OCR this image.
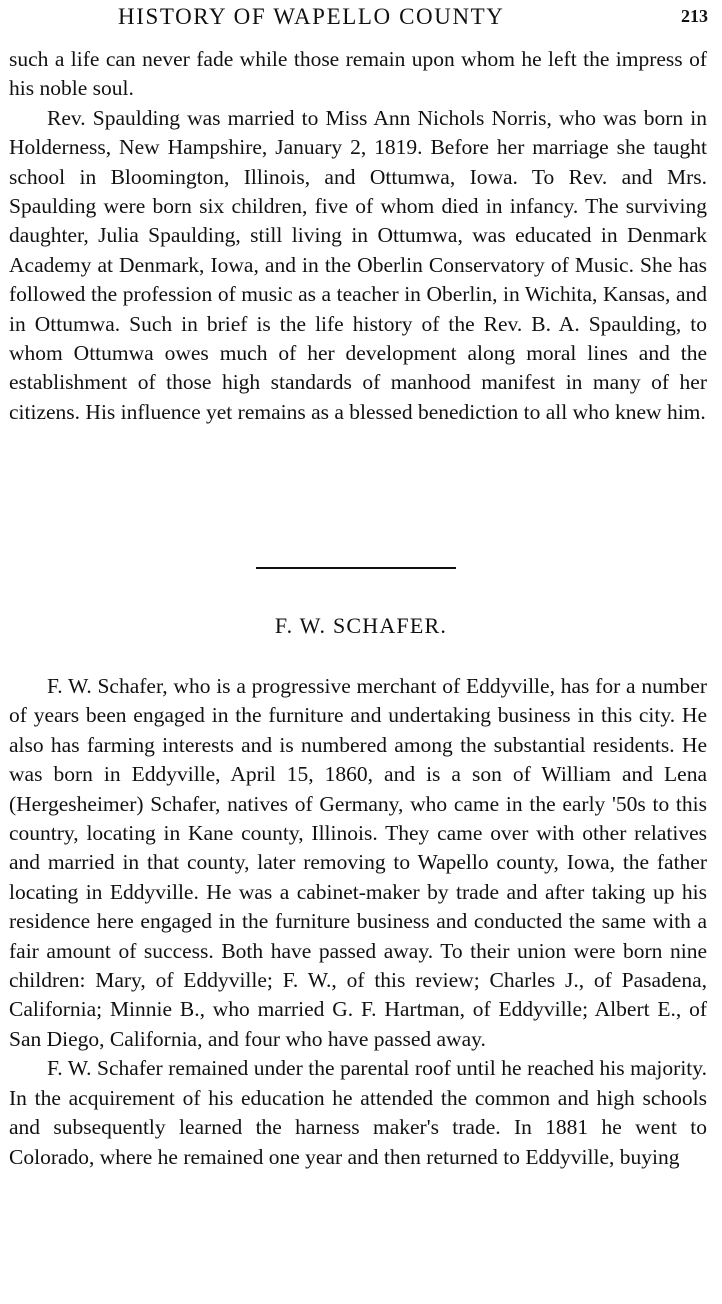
HISTORY OF WAPELLO COUNTY	213

such a life can never fade while those remain upon whom he left the impress of his noble soul.

Rev. Spaulding was married to Miss Ann Nichols Norris, who was born in Holderness, New Hampshire, January 2, 1819. Before her marriage she taught school in Bloomington, Illinois, and Ottumwa, Iowa. To Rev. and Mrs. Spaulding were born six children, five of whom died in infancy. The surviving daughter, Julia Spaulding, still living in Ottumwa, was educated in Denmark Academy at Denmark, Iowa, and in the Oberlin Conservatory of Music. She has followed the profession of music as a teacher in Oberlin, in Wichita, Kansas, and in Ottumwa. Such in brief is the life history of the Rev. B. A. Spaulding, to whom Ottumwa owes much of her development along moral lines and the establishment of those high standards of manhood manifest in many of her citizens. His influence yet remains as a blessed benediction to all who knew him.

F. W. SCHAFER.

F. W. Schafer, who is a progressive merchant of Eddyville, has for a number of years been engaged in the furniture and undertaking business in this city. He also has farming interests and is numbered among the substantial residents. He was born in Eddyville, April 15, 1860, and is a son of William and Lena (Hergesheimer) Schafer, natives of Germany, who came in the early '50s to this country, locating in Kane county, Illinois. They came over with other relatives and married in that county, later removing to Wapello county, Iowa, the father locating in Eddyville. He was a cabinet-maker by trade and after taking up his residence here engaged in the furniture business and conducted the same with a fair amount of success. Both have passed away. To their union were born nine children: Mary, of Eddyville; F. W., of this review; Charles J., of Pasadena, California; Minnie B., who married G. F. Hartman, of Eddyville; Albert E., of San Diego, California, and four who have passed away.

F. W. Schafer remained under the parental roof until he reached his majority. In the acquirement of his education he attended the common and high schools and subsequently learned the harness maker's trade. In 1881 he went to Colorado, where he remained one year and then returned to Eddyville, buying
